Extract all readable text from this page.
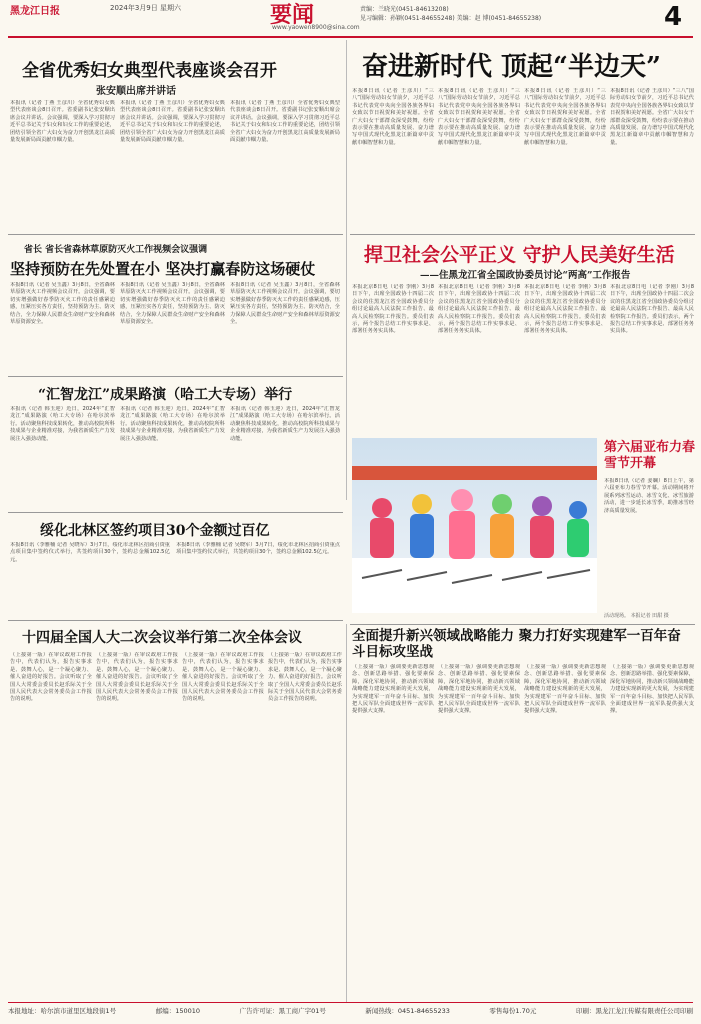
黑龙江日报	2024年3月9日 星期六	要闻
www.yaowen8900@sina.com
责编：兰晓光(0451-84613208)
见习编辑：孙颖(0451-84655248) 美编：赵 博(0451-84655238)	4
全省优秀妇女典型代表座谈会召开
张安顺出席并讲话
本报讯（记者 丁燕 王彦川）全省优秀妇女典型代表座谈会8日召开。省委副书记张安顺出席会议并讲话。会议强调，要深入学习贯彻习近平总书记关于妇女和妇女工作的重要论述，团结引领全省广大妇女为奋力开创黑龙江高质量发展新局面贡献巾帼力量。
本报讯（记者 丁燕 王彦川）全省优秀妇女典型代表座谈会8日召开。省委副书记张安顺出席会议并讲话。会议强调，要深入学习贯彻习近平总书记关于妇女和妇女工作的重要论述，团结引领全省广大妇女为奋力开创黑龙江高质量发展新局面贡献巾帼力量。
本报讯（记者 丁燕 王彦川）全省优秀妇女典型代表座谈会8日召开。省委副书记张安顺出席会议并讲话。会议强调，要深入学习贯彻习近平总书记关于妇女和妇女工作的重要论述，团结引领全省广大妇女为奋力开创黑龙江高质量发展新局面贡献巾帼力量。
奋进新时代 顶起“半边天”
本报8日讯（记者 王彦川）“三八”国际劳动妇女节前夕，习近平总书记代表党中央向全国各族各界妇女致以节日祝贺和美好祝愿。全省广大妇女干部群众深受鼓舞，纷纷表示要在推动高质量发展、奋力谱写中国式现代化黑龙江新篇章中贡献巾帼智慧和力量。
本报8日讯（记者 王彦川）“三八”国际劳动妇女节前夕，习近平总书记代表党中央向全国各族各界妇女致以节日祝贺和美好祝愿。全省广大妇女干部群众深受鼓舞，纷纷表示要在推动高质量发展、奋力谱写中国式现代化黑龙江新篇章中贡献巾帼智慧和力量。
本报8日讯（记者 王彦川）“三八”国际劳动妇女节前夕，习近平总书记代表党中央向全国各族各界妇女致以节日祝贺和美好祝愿。全省广大妇女干部群众深受鼓舞，纷纷表示要在推动高质量发展、奋力谱写中国式现代化黑龙江新篇章中贡献巾帼智慧和力量。
本报8日讯（记者 王彦川）“三八”国际劳动妇女节前夕，习近平总书记代表党中央向全国各族各界妇女致以节日祝贺和美好祝愿。全省广大妇女干部群众深受鼓舞，纷纷表示要在推动高质量发展、奋力谱写中国式现代化黑龙江新篇章中贡献巾帼智慧和力量。
省长 省长省森林草原防灭火工作视频会议强调
坚持预防在先处置在小 坚决打赢春防这场硬仗
本报8日讯（记者 吴玉鑫）3月8日，全省森林草原防灭火工作视频会议召开。会议强调，要切实增强做好春季防灭火工作的责任感紧迫感，压紧压实各方责任，坚持预防为主、防灭结合，全力保障人民群众生命财产安全和森林草原资源安全。
本报8日讯（记者 吴玉鑫）3月8日，全省森林草原防灭火工作视频会议召开。会议强调，要切实增强做好春季防灭火工作的责任感紧迫感，压紧压实各方责任，坚持预防为主、防灭结合，全力保障人民群众生命财产安全和森林草原资源安全。
本报8日讯（记者 吴玉鑫）3月8日，全省森林草原防灭火工作视频会议召开。会议强调，要切实增强做好春季防灭火工作的责任感紧迫感，压紧压实各方责任，坚持预防为主、防灭结合，全力保障人民群众生命财产安全和森林草原资源安全。
“汇智龙江”成果路演（哈工大专场）举行
本报讯（记者 韩玉迎）近日，2024年“汇智龙江”成果路演（哈工大专场）在哈尔滨举行。活动聚焦科技成果转化，推动高校院所科技成果与企业精准对接，为我省新质生产力发展注入强劲动能。
本报讯（记者 韩玉迎）近日，2024年“汇智龙江”成果路演（哈工大专场）在哈尔滨举行。活动聚焦科技成果转化，推动高校院所科技成果与企业精准对接，为我省新质生产力发展注入强劲动能。
本报讯（记者 韩玉迎）近日，2024年“汇智龙江”成果路演（哈工大专场）在哈尔滨举行。活动聚焦科技成果转化，推动高校院所科技成果与企业精准对接，为我省新质生产力发展注入强劲动能。
绥化北林区签约项目30个金额过百亿
本报8日讯（李雅楠 记者 吴晓军）3月7日，绥化市北林区招商引资重点项目集中签约仪式举行，共签约项目30个，签约总金额102.5亿元。
本报8日讯（李雅楠 记者 吴晓军）3月7日，绥化市北林区招商引资重点项目集中签约仪式举行，共签约项目30个，签约总金额102.5亿元。
十四届全国人大二次会议举行第二次全体会议
（上接第一版）在审议政府工作报告中，代表们认为，报告实事求是、鼓舞人心，是一个凝心聚力、催人奋进的好报告。会议听取了全国人大常委会委员长赵乐际关于全国人民代表大会常务委员会工作报告的说明。
（上接第一版）在审议政府工作报告中，代表们认为，报告实事求是、鼓舞人心，是一个凝心聚力、催人奋进的好报告。会议听取了全国人大常委会委员长赵乐际关于全国人民代表大会常务委员会工作报告的说明。
（上接第一版）在审议政府工作报告中，代表们认为，报告实事求是、鼓舞人心，是一个凝心聚力、催人奋进的好报告。会议听取了全国人大常委会委员长赵乐际关于全国人民代表大会常务委员会工作报告的说明。
（上接第一版）在审议政府工作报告中，代表们认为，报告实事求是、鼓舞人心，是一个凝心聚力、催人奋进的好报告。会议听取了全国人大常委会委员长赵乐际关于全国人民代表大会常务委员会工作报告的说明。
捍卫社会公平正义 守护人民美好生活
——住黑龙江省全国政协委员讨论“两高”工作报告
本报北京8日电（记者 李刚）3月8日下午，出席全国政协十四届二次会议的住黑龙江省全国政协委员分组讨论最高人民法院工作报告、最高人民检察院工作报告。委员们表示，两个报告总结工作实事求是、部署任务务实具体。
本报北京8日电（记者 李刚）3月8日下午，出席全国政协十四届二次会议的住黑龙江省全国政协委员分组讨论最高人民法院工作报告、最高人民检察院工作报告。委员们表示，两个报告总结工作实事求是、部署任务务实具体。
本报北京8日电（记者 李刚）3月8日下午，出席全国政协十四届二次会议的住黑龙江省全国政协委员分组讨论最高人民法院工作报告、最高人民检察院工作报告。委员们表示，两个报告总结工作实事求是、部署任务务实具体。
本报北京8日电（记者 李刚）3月8日下午，出席全国政协十四届二次会议的住黑龙江省全国政协委员分组讨论最高人民法院工作报告、最高人民检察院工作报告。委员们表示，两个报告总结工作实事求是、部署任务务实具体。
第六届亚布力春雪节开幕
本报8日讯（记者 姜斓）8日上午，第六届亚布力春雪节开幕。活动期间将开展系列冰雪运动、冰雪文化、冰雪旅游活动，进一步延长冰雪季，助推冰雪经济高质量发展。
活动现场。 本报记者 田甜 摄
全面提升新兴领域战略能力 聚力打好实现建军一百年奋斗目标攻坚战
（上接第一版）强调要更新思想观念、创新思路举措、强化要素保障，深化军地协同，推动新兴领域战略能力建设实现新的更大发展，为实现建军一百年奋斗目标、加快把人民军队全面建成世界一流军队提供强大支撑。
（上接第一版）强调要更新思想观念、创新思路举措、强化要素保障，深化军地协同，推动新兴领域战略能力建设实现新的更大发展，为实现建军一百年奋斗目标、加快把人民军队全面建成世界一流军队提供强大支撑。
（上接第一版）强调要更新思想观念、创新思路举措、强化要素保障，深化军地协同，推动新兴领域战略能力建设实现新的更大发展，为实现建军一百年奋斗目标、加快把人民军队全面建成世界一流军队提供强大支撑。
（上接第一版）强调要更新思想观念、创新思路举措、强化要素保障，深化军地协同，推动新兴领域战略能力建设实现新的更大发展，为实现建军一百年奋斗目标、加快把人民军队全面建成世界一流军队提供强大支撑。
本报地址：哈尔滨市道里区地段街1号	邮编：150010	广告许可证：黑工商广字01号	新闻热线：0451-84655233	零售每份1.70元	印刷：黑龙江龙江传媒有限责任公司印刷
